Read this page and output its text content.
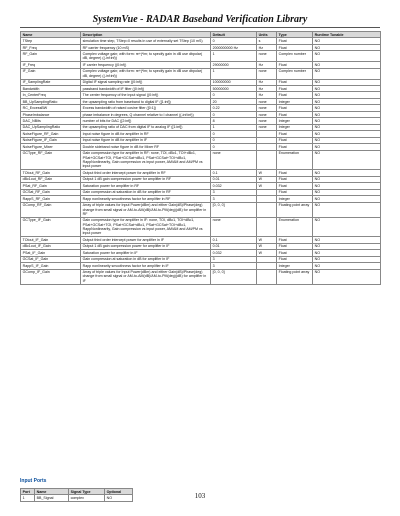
SystemVue - RADAR Baseband Verification Library
Name	Description	Default	Units	Type	Runtime Tunable
TStep	simulation time step, TStep=0 results in use of externally set TStep (10 mS)	0	s	Float	NO
RF_Freq	RF carrier frequency (10 mS)	2000000000 Hz	Hz	Float	NO
RF_Gain	Complex voltage gain; with form: re+j*im; to specify gain in dB use dbpolar( dB, degree) ((-inf:inf))	1	none	Complex number	NO
IF_Freq	IF carrier frequency ((0:inf))	29000000	Hz	Float	NO
IF_Gain	Complex voltage gain; with form: re+j*im; to specify gain in dB use dbpolar( dB, degree) ((-inf:inf))	1	none	Complex number	NO
IF_SamplingRate	Digital IF signal sampling rate ((0:inf))	100000000	Hz	Float	NO
Bandwidth	passband bandwidth of IF filter ((0:inf))	50000000	Hz	Float	NO
In_CenterFreq	The center frequency of the input signal ((0:inf))	0	Hz	Float	NO
BB_UpSamplingRatio	the upsampling ratio from baseband to digital IF ([1:inf])	20	none	Integer	NO
RC_ExcessBW	Excess bandwidth of raised cosine filter ([0:1])	0.22	none	Float	NO
PhaseImbalance	phase imbalance in degrees, Q channel relative to I channel ((-inf:inf))	0	none	Float	NO
DAC_NBits	number of bits for DAC ([2:inf])	8	none	Integer	NO
DAC_UpSamplingRatio	the upsampling ratio of DAC from digital IF to analog IF ([1:inf])	1	none	Integer	NO
NoiseFigure_RF_Gain	Input noise figure in dB for amplifier in RF	0		Float	NO
NoiseFigure_IF_Gain	Input noise figure in dB for amplifier in IF	0		Float	NO
NoiseFigure_Mixer	Double sideband noise figure in dB for Mixer RF	0		Float	NO
GCType_RF_Gain	Gain compression type for amplifier in RF: none, TOI, dBc1, TOI+dBc1, PSat+GCSat+TOI, PSat+GCSat+dBc1, PSat+GCSat+TOI+dBc1, RappNonlinearity, Gain compression vs input power, AM/AM and AM/PM vs input power	none		Enumeration	NO
TOIout_RF_Gain	Output third order intercept power for amplifier in RF	0.1	W	Float	NO
dBc1out_RF_Gain	Output 1 dB gain compression power for amplifier in RF	0.01	W	Float	NO
PSat_RF_Gain	Saturation power for amplifier in RF	0.032	W	Float	NO
GCSat_RF_Gain	Gain compression at saturation in dB for amplifier in RF	3		Float	NO
RappS_RF_Gain	Rapp nonlinearity smoothness factor for amplifier in RF	3		Integer	NO
GComp_RF_Gain	Array of triple values for Input Power(dBm) and either Gain(dB)/Phase(deg) change from small signal or AM-to-AM(dB)/AM-to-PM(deg)(dB) for amplifier in RF	[0, 0, 0]		Floating point array	NO
GCType_IF_Gain	Gain compression type for amplifier in IF: none, TOI, dBc1, TOI+dBc1, PSat+GCSat+TOI, PSat+GCSat+dBc1, PSat+GCSat+TOI+dBc1, RappNonlinearity, Gain compression vs input power, AM/AM and AM/PM vs input power	none		Enumeration	NO
TOIout_IF_Gain	Output third order intercept power for amplifier in IF	0.1	W	Float	NO
dBc1out_IF_Gain	Output 1 dB gain compression power for amplifier in IF	0.01	W	Float	NO
PSat_IF_Gain	Saturation power for amplifier in IF	0.032	W	Float	NO
GCSat_IF_Gain	Gain compression at saturation in dB for amplifier in IF	3		Float	NO
RappS_IF_Gain	Rapp nonlinearity smoothness factor for amplifier in IF	3		Integer	NO
GComp_IF_Gain	Array of triple values for Input Power(dBm) and either Gain(dB)/Phase(deg) change from small signal or AM-to-AM(dB)/AM-to-PM(deg)(dB) for amplifier in IF	[0, 0, 0]		Floating point array	NO
Input Ports
Port	Name	Signal Type	Optional
1	BB_Signal	complex	NO	103
